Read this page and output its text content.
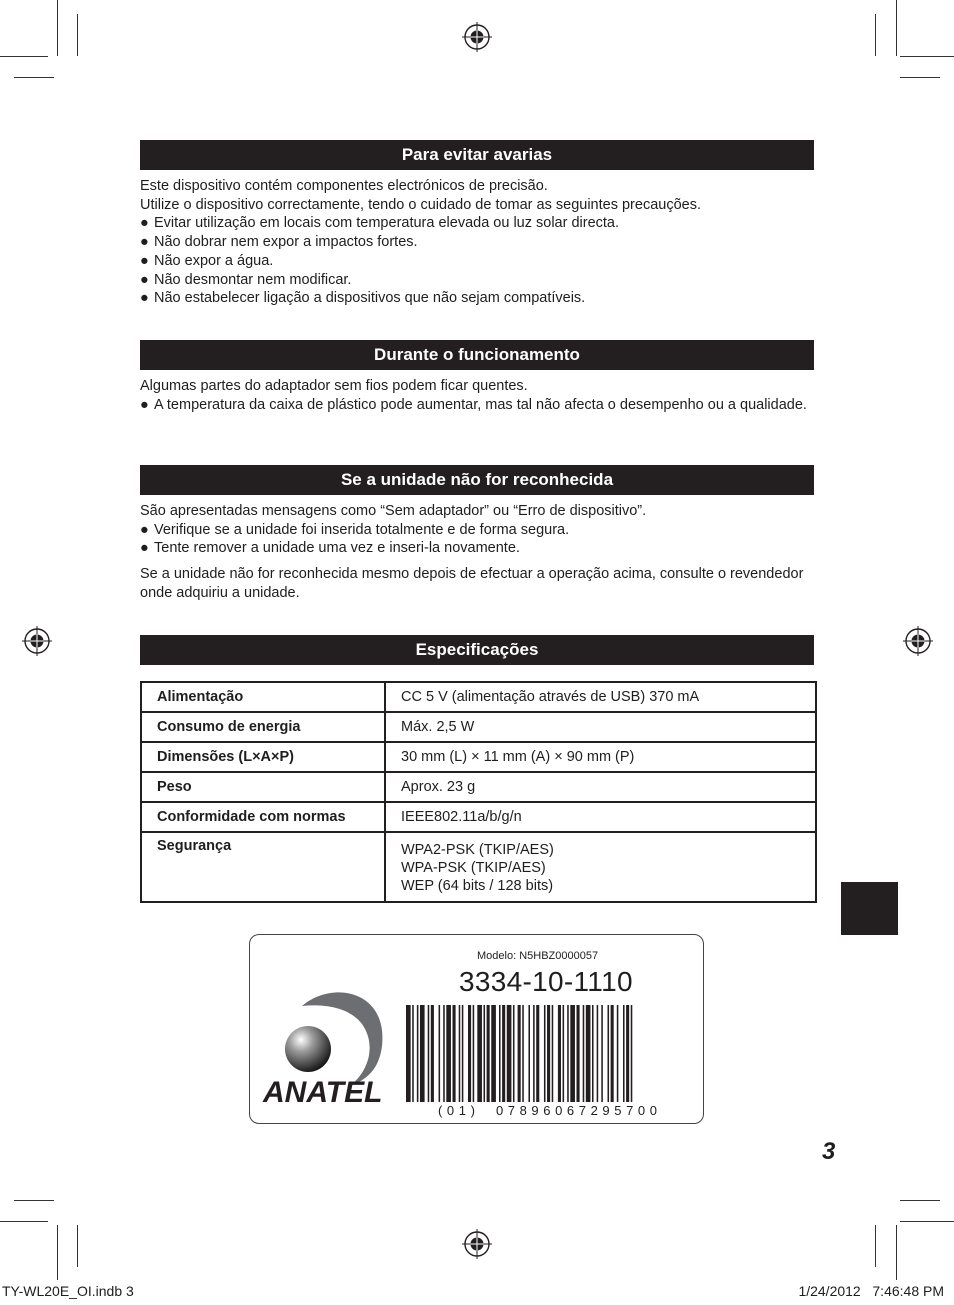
Para evitar avarias

Este dispositivo contém componentes electrónicos de precisão.

Utilize o dispositivo correctamente, tendo o cuidado de tomar as seguintes precauções.

● Evitar utilização em locais com temperatura elevada ou luz solar directa.

● Não dobrar nem expor a impactos fortes.

● Não expor a água.

● Não desmontar nem modificar.

● Não estabelecer ligação a dispositivos que não sejam compatíveis.

Durante o funcionamento

Algumas partes do adaptador sem fios podem ficar quentes.

● A temperatura da caixa de plástico pode aumentar, mas tal não afecta o desempenho ou a qualidade.

Se a unidade não for reconhecida

São apresentadas mensagens como “Sem adaptador” ou “Erro de dispositivo”.

● Verifique se a unidade foi inserida totalmente e de forma segura.

● Tente remover a unidade uma vez e inseri-la novamente.

Se a unidade não for reconhecida mesmo depois de efectuar a operação acima, consulte o revendedor onde adquiriu a unidade.

Especificações
Alimentação	CC 5 V (alimentação através de USB) 370 mA
Consumo de energia	Máx. 2,5 W
Dimensões (L×A×P)	30 mm (L) × 11 mm (A) × 90 mm (P)
Peso	Aprox. 23 g
Conformidade com normas	IEEE802.11a/b/g/n
Segurança	WPA2-PSK (TKIP/AES)
WPA-PSK (TKIP/AES)
WEP (64 bits / 128 bits)
ANATEL
Modelo: N5HBZ0000057
3334-10-1110
(01)  07896067295700
3
TY-WL20E_OI.indb 3	1/24/2012   7:46:48 PM
